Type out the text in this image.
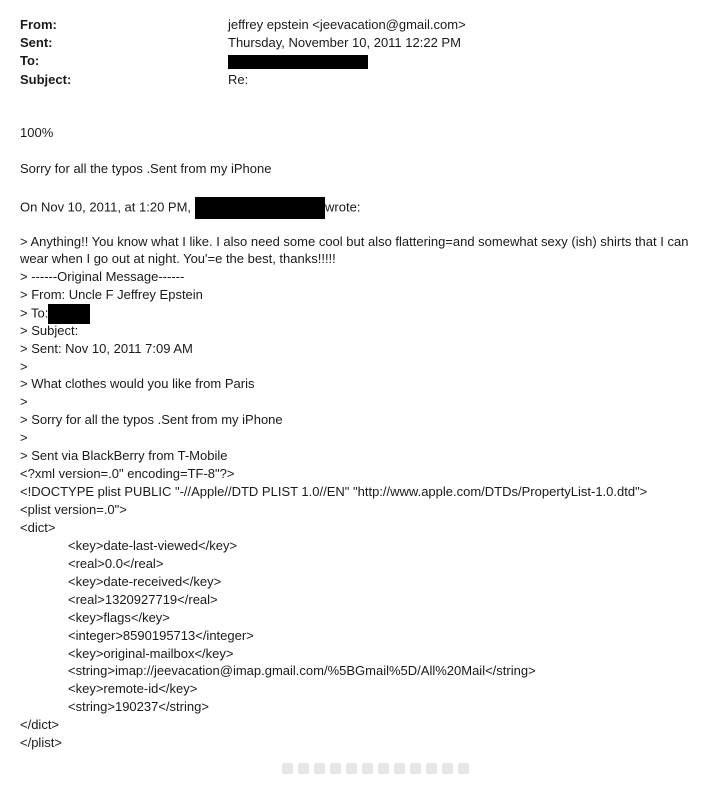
From:	jeffrey epstein <jeevacation@gmail.com>
Sent:	Thursday, November 10, 2011 12:22 PM
To:
Subject:	Re:
100%
Sorry for all the typos .Sent from my iPhone
On Nov 10, 2011, at 1:20 PM,	wrote:
> Anything!! You know what I like. I also need some cool but also flattering=and somewhat sexy (ish) shirts that I can
wear when I go out at night. You'=e the best, thanks!!!!!
> ------Original Message------
> From: Uncle F Jeffrey Epstein
> To:
> Subject:
> Sent: Nov 10, 2011 7:09 AM
>
> What clothes would you like from Paris
>
> Sorry for all the typos .Sent from my iPhone
>
> Sent via BlackBerry from T-Mobile
<?xml version=.0" encoding=TF-8"?>
<!DOCTYPE plist PUBLIC "-//Apple//DTD PLIST 1.0//EN" "http://www.apple.com/DTDs/PropertyList-1.0.dtd">
<plist version=.0">
<dict>
<key>date-last-viewed</key>
<real>0.0</real>
<key>date-received</key>
<real>1320927719</real>
<key>flags</key>
<integer>8590195713</integer>
<key>original-mailbox</key>
<string>imap://jeevacation@imap.gmail.com/%5BGmail%5D/All%20Mail</string>
<key>remote-id</key>
<string>190237</string>
</dict>
</plist>
